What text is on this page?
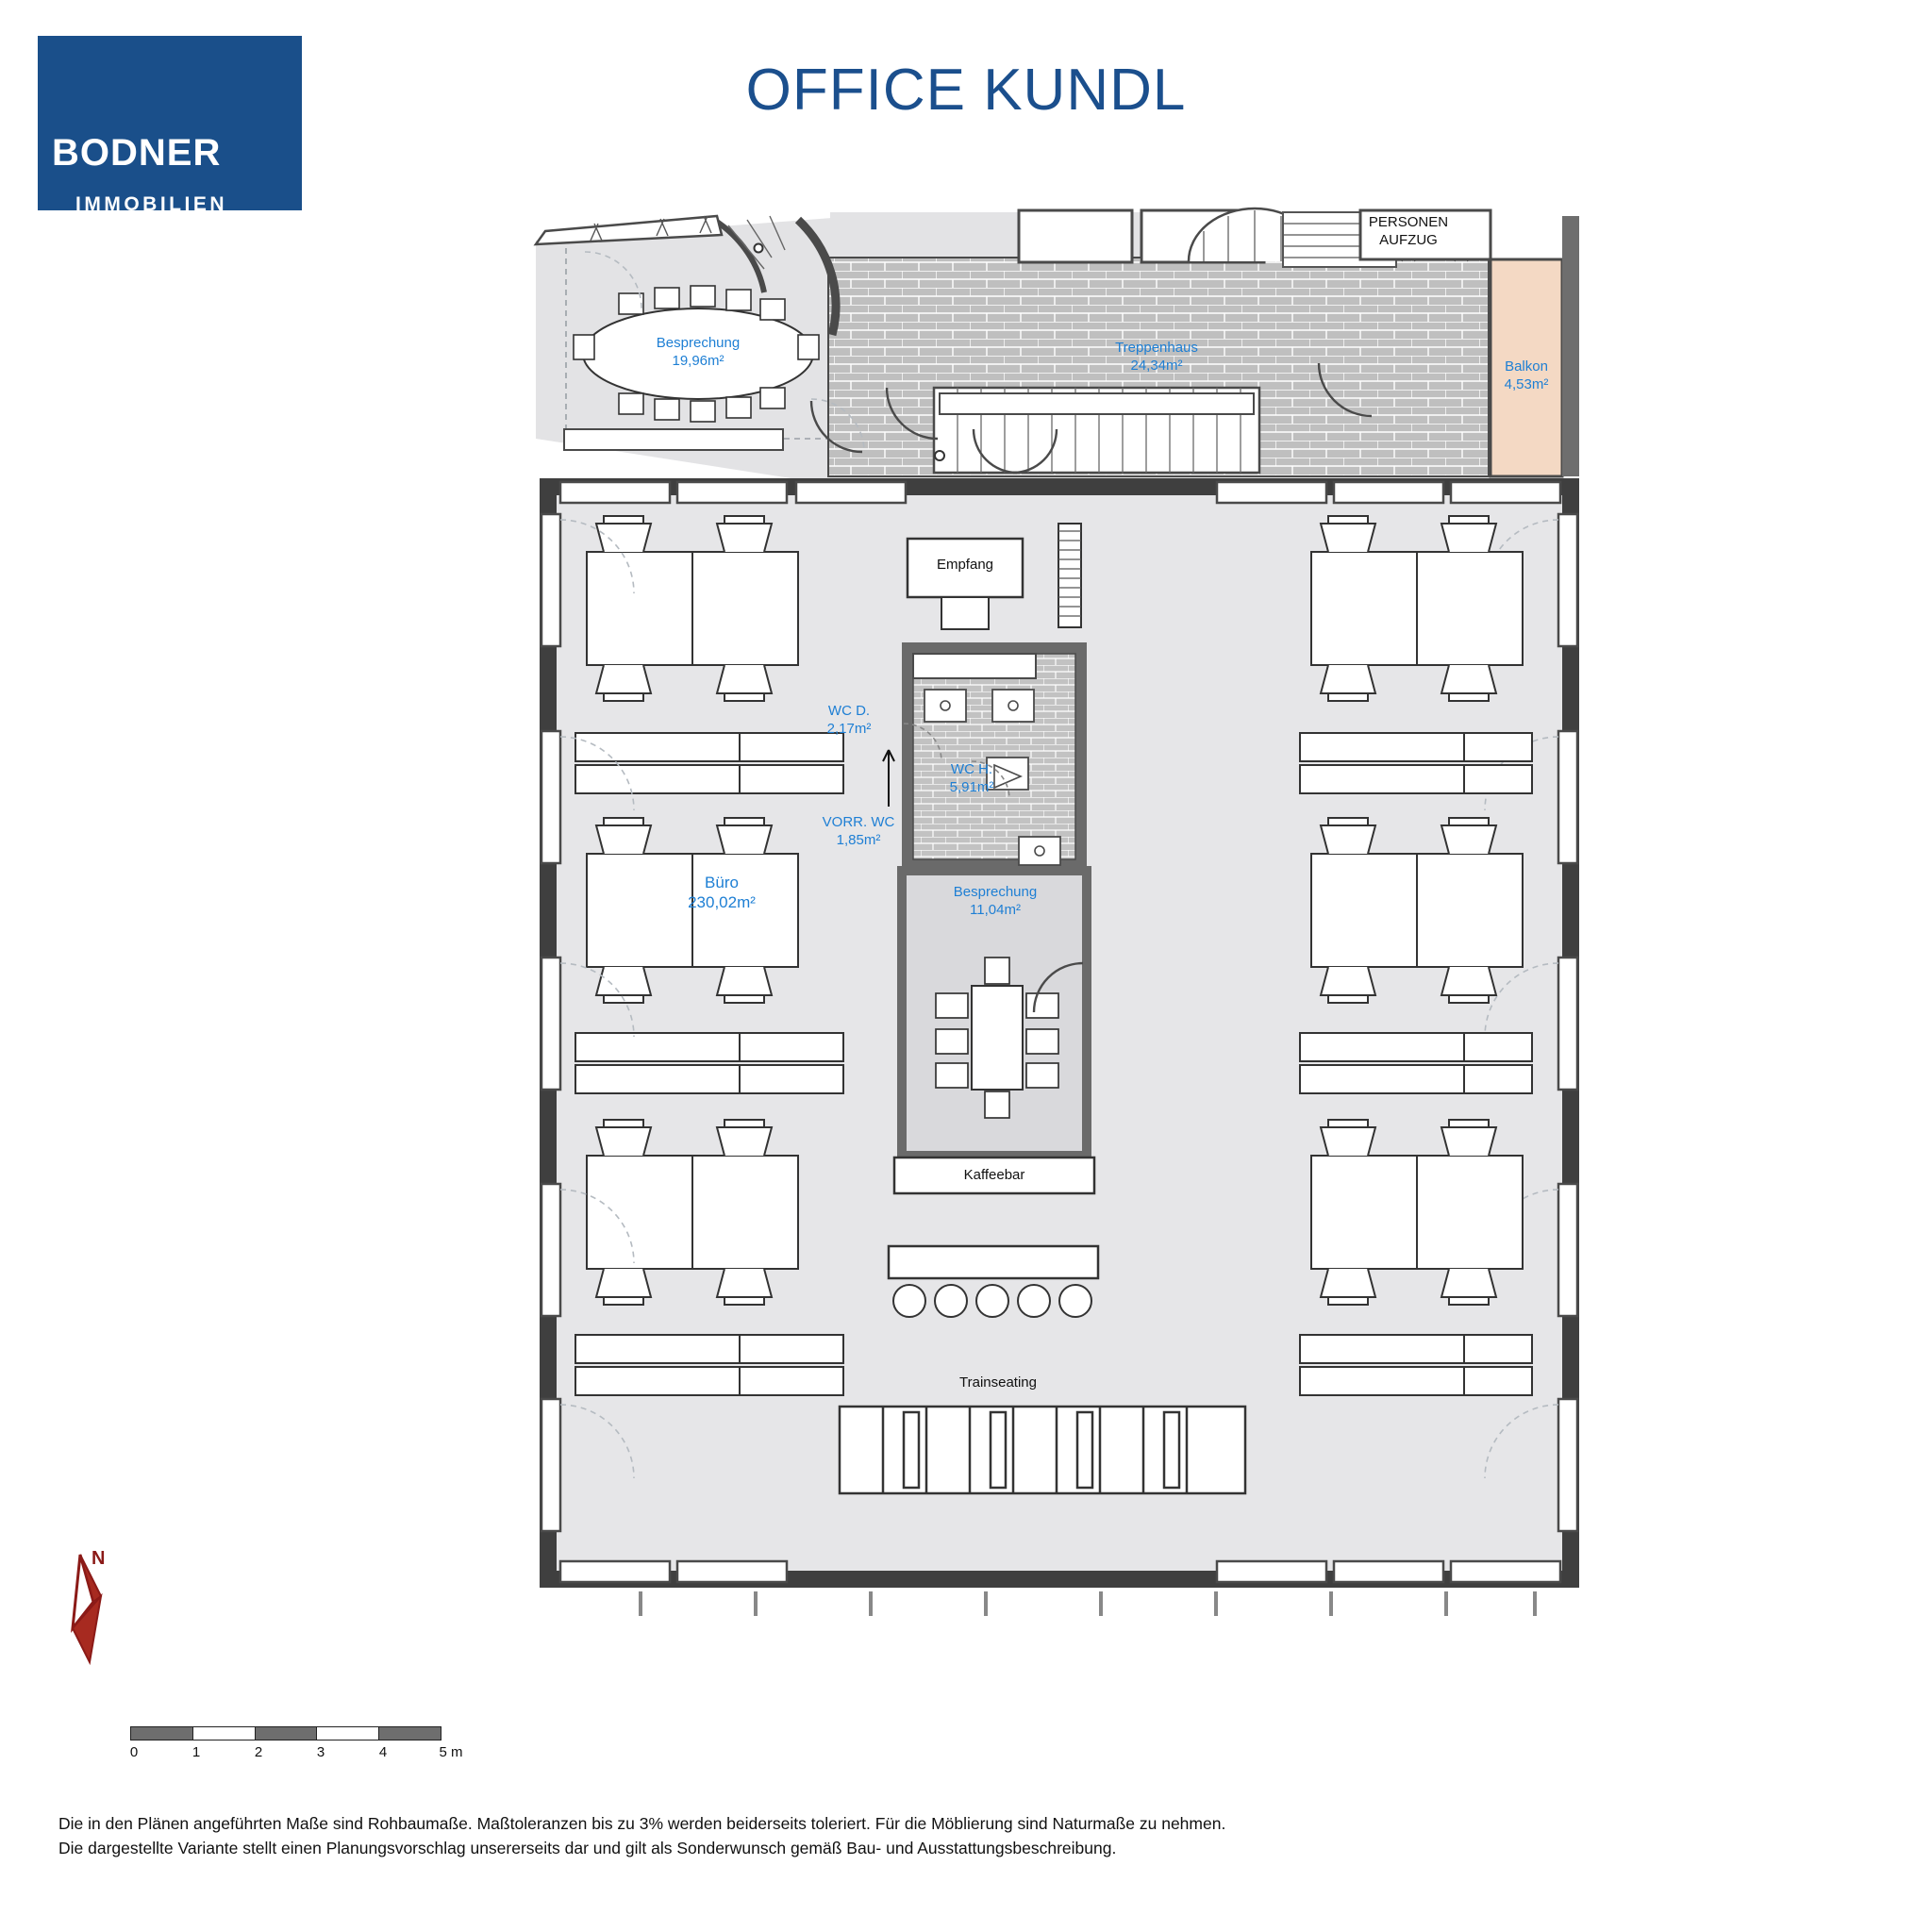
BODNER
IMMOBILIEN
OFFICE KUNDL
Besprechung
19,96m²
Treppenhaus
24,34m²	Balkon
4,53m²
PERSONEN
AUFZUG
Empfang
WC D.
2,17m²
WC H.
5,91m²
VORR. WC
1,85m²
Büro
230,02m²
Besprechung
11,04m²
Kaffeebar
Trainseating
N
0	1	2	3	4	5 m
Die in den Plänen angeführten Maße sind Rohbaumaße. Maßtoleranzen bis zu 3% werden beiderseits toleriert. Für die Möblierung sind Naturmaße zu nehmen.
Die dargestellte Variante stellt einen Planungsvorschlag unsererseits dar und gilt als Sonderwunsch gemäß Bau- und Ausstattungsbeschreibung.
